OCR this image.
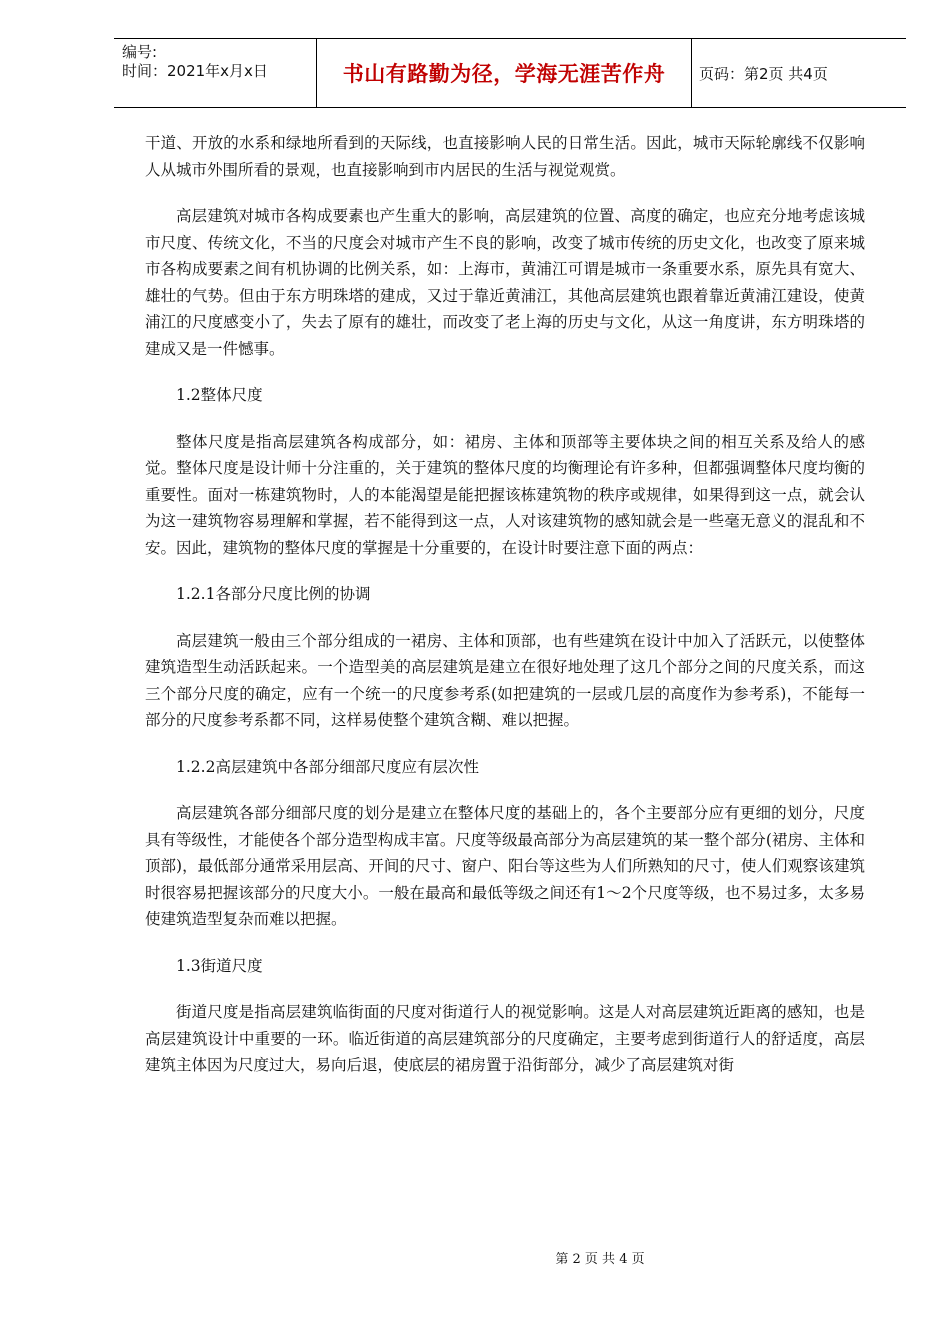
编号:
时间：2021年x月x日	书山有路勤为径，学海无涯苦作舟	页码：第2页 共4页

干道、开放的水系和绿地所看到的天际线，也直接影响人民的日常生活。因此，城市天际轮廓线不仅影响人从城市外围所看的景观，也直接影响到市内居民的生活与视觉观赏。

高层建筑对城市各构成要素也产生重大的影响，高层建筑的位置、高度的确定，也应充分地考虑该城市尺度、传统文化，不当的尺度会对城市产生不良的影响，改变了城市传统的历史文化，也改变了原来城市各构成要素之间有机协调的比例关系，如：上海市，黄浦江可谓是城市一条重要水系，原先具有宽大、雄壮的气势。但由于东方明珠塔的建成，又过于靠近黄浦江，其他高层建筑也跟着靠近黄浦江建设，使黄浦江的尺度感变小了，失去了原有的雄壮，而改变了老上海的历史与文化，从这一角度讲，东方明珠塔的建成又是一件憾事。

1.2整体尺度

整体尺度是指高层建筑各构成部分，如：裙房、主体和顶部等主要体块之间的相互关系及给人的感觉。整体尺度是设计师十分注重的，关于建筑的整体尺度的均衡理论有许多种，但都强调整体尺度均衡的重要性。面对一栋建筑物时，人的本能渴望是能把握该栋建筑物的秩序或规律，如果得到这一点，就会认为这一建筑物容易理解和掌握，若不能得到这一点，人对该建筑物的感知就会是一些毫无意义的混乱和不安。因此，建筑物的整体尺度的掌握是十分重要的，在设计时要注意下面的两点：

1.2.1各部分尺度比例的协调

高层建筑一般由三个部分组成的一裙房、主体和顶部，也有些建筑在设计中加入了活跃元，以使整体建筑造型生动活跃起来。一个造型美的高层建筑是建立在很好地处理了这几个部分之间的尺度关系，而这三个部分尺度的确定，应有一个统一的尺度参考系(如把建筑的一层或几层的高度作为参考系)，不能每一部分的尺度参考系都不同，这样易使整个建筑含糊、难以把握。

1.2.2高层建筑中各部分细部尺度应有层次性

高层建筑各部分细部尺度的划分是建立在整体尺度的基础上的，各个主要部分应有更细的划分，尺度具有等级性，才能使各个部分造型构成丰富。尺度等级最高部分为高层建筑的某一整个部分(裙房、主体和顶部)，最低部分通常采用层高、开间的尺寸、窗户、阳台等这些为人们所熟知的尺寸，使人们观察该建筑时很容易把握该部分的尺度大小。一般在最高和最低等级之间还有1～2个尺度等级，也不易过多，太多易使建筑造型复杂而难以把握。

1.3街道尺度

街道尺度是指高层建筑临街面的尺度对街道行人的视觉影响。这是人对高层建筑近距离的感知，也是高层建筑设计中重要的一环。临近街道的高层建筑部分的尺度确定，主要考虑到街道行人的舒适度，高层建筑主体因为尺度过大，易向后退，使底层的裙房置于沿街部分，减少了高层建筑对街

第 2 页 共 4 页
